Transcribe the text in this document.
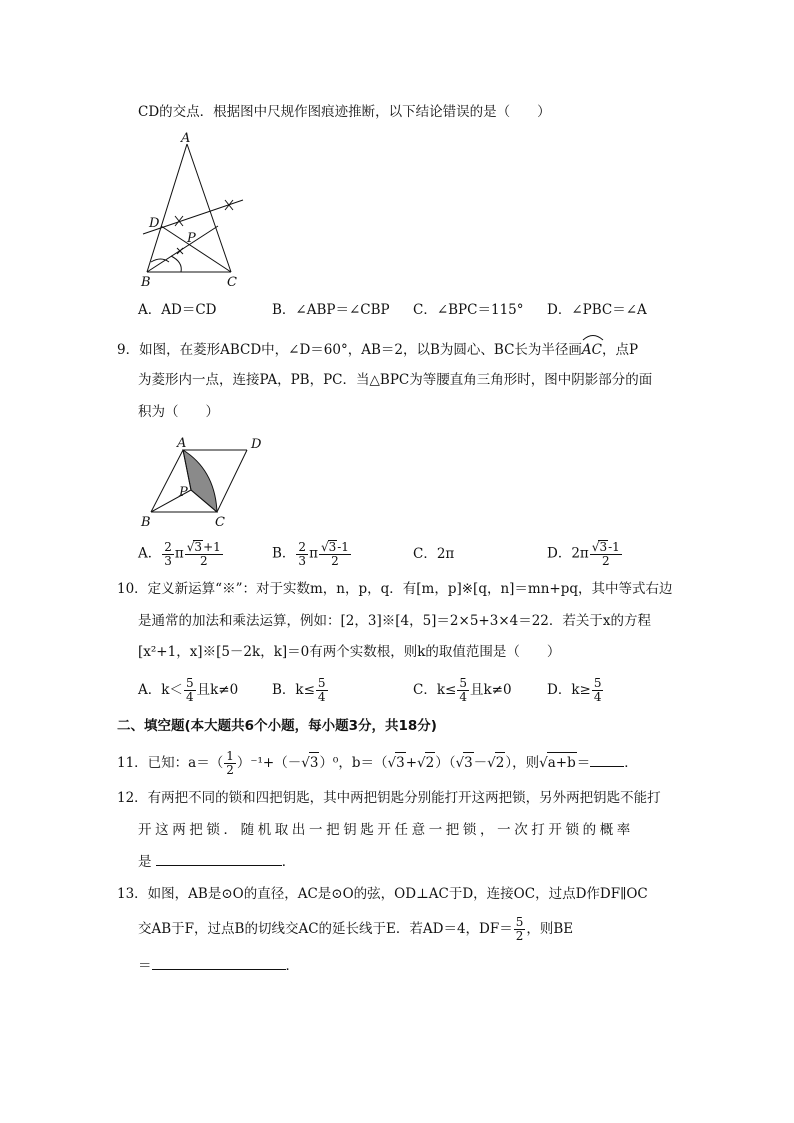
CD的交点．根据图中尺规作图痕迹推断，以下结论错误的是（　　）
A
D
P
B	C
A．AD＝CD	B．∠ABP＝∠CBP C．∠BPC＝115° D．∠PBC＝∠A
9．如图，在菱形ABCD中，∠D＝60°，AB＝2，以B为圆心、BC长为半径画
AC，点P
为菱形内一点，连接PA，PB，PC．当△BPC为等腰直角三角形时，图中阴影部分的面
积为（　　）
A	D
P
B	C
A． $\frac{2}{3}$ π $\frac{√3+1}{2}$	B． $\frac{2}{3}$ π $\frac{√3-1}{2}$	C．2π	D．$2\pi \frac{√3-1}{2}$
10．定义新运算“※”：对于实数m，n，p，q．有[m，p]※[q，n]＝mn+pq，其中等式右边
是通常的加法和乘法运算，例如：[2，3]※[4，5]＝2×5+3×4＝22．若关于x的方程
[x²+1，x]※[5－2k，k]＝0有两个实数根，则k的取值范围是（　　）
A．$k< \frac{5}{4}$ 且k≠0	B．$k\le \frac{5}{4}$	C．$k\le \frac{5}{4}$ 且k≠0	D．$k\ge \frac{5}{4}$
二、填空题(本大题共6个小题，每小题3分，共18分)
11．已知：$a=( \frac{1}{2} )^{-1}+(-√3)^0$，b＝（√3+√2）（√3－√2），则√a+b＝	．
12．有两把不同的锁和四把钥匙，其中两把钥匙分别能打开这两把锁，另外两把钥匙不能打
开这两把锁．随机取出一把钥匙开任意一把锁，一次打开锁的概率
是	．
13．如图，AB是⊙O的直径，AC是⊙O的弦，OD⊥AC于D，连接OC，过点D作DF∥OC
交AB于F，过点B的切线交AC的延长线于E．若AD＝4，$DF= \frac{5}{2}$ ，则BE
＝	．
